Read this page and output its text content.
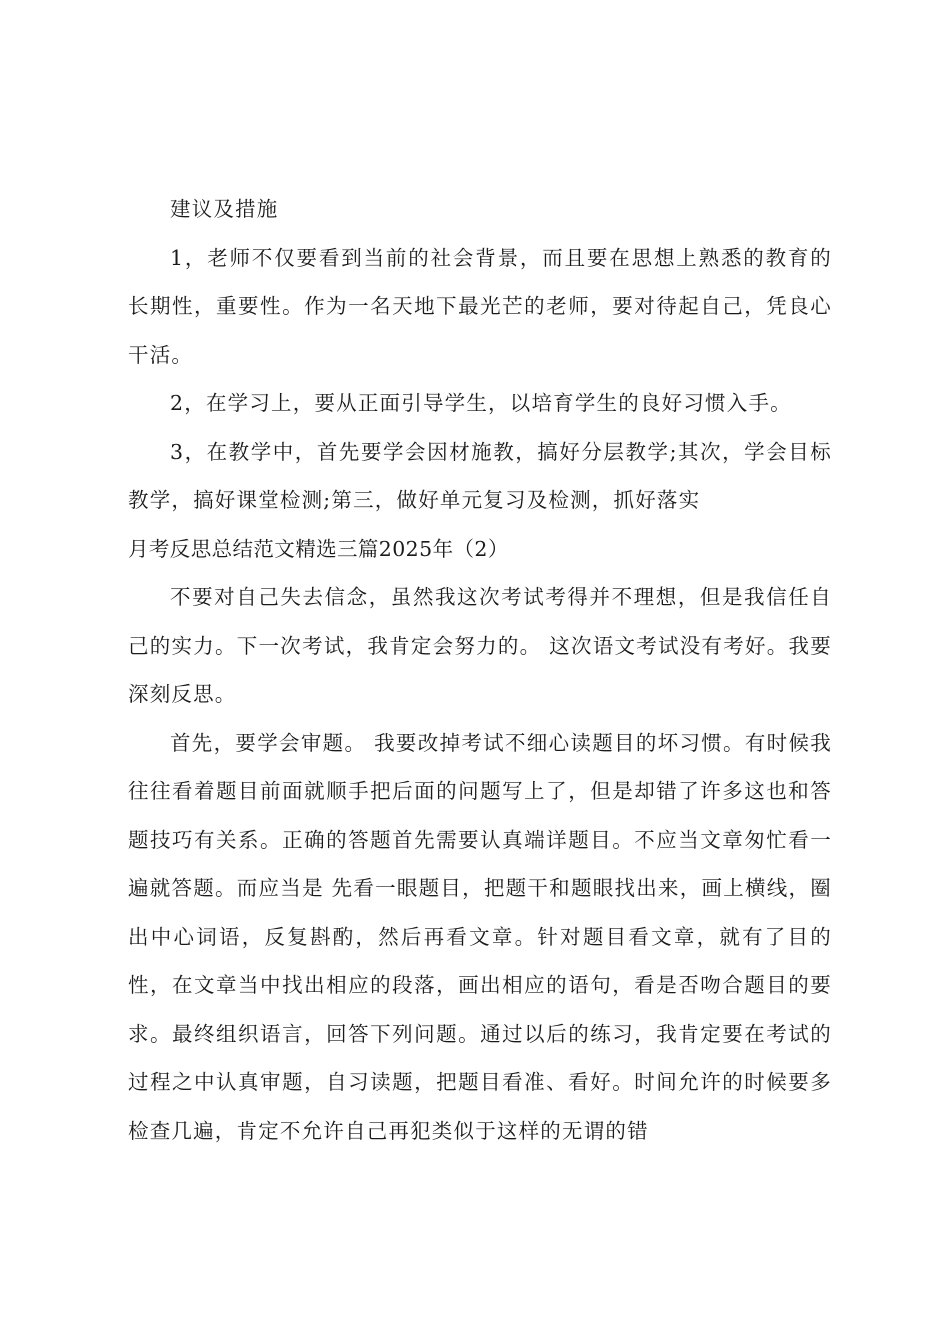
建议及措施

1，老师不仅要看到当前的社会背景，而且要在思想上熟悉的教育的长期性，重要性。作为一名天地下最光芒的老师，要对待起自己，凭良心干活。

2，在学习上，要从正面引导学生，以培育学生的良好习惯入手。

3，在教学中，首先要学会因材施教，搞好分层教学;其次，学会目标教学，搞好课堂检测;第三，做好单元复习及检测，抓好落实

月考反思总结范文精选三篇2025年（2）

不要对自己失去信念，虽然我这次考试考得并不理想，但是我信任自己的实力。下一次考试，我肯定会努力的。 这次语文考试没有考好。我要深刻反思。

首先，要学会审题。 我要改掉考试不细心读题目的坏习惯。有时候我往往看着题目前面就顺手把后面的问题写上了，但是却错了许多这也和答题技巧有关系。正确的答题首先需要认真端详题目。不应当文章匆忙看一遍就答题。而应当是 先看一眼题目，把题干和题眼找出来，画上横线，圈出中心词语，反复斟酌，然后再看文章。针对题目看文章，就有了目的性，在文章当中找出相应的段落，画出相应的语句，看是否吻合题目的要求。最终组织语言，回答下列问题。通过以后的练习，我肯定要在考试的过程之中认真审题，自习读题，把题目看准、看好。时间允许的时候要多检查几遍，肯定不允许自己再犯类似于这样的无谓的错
